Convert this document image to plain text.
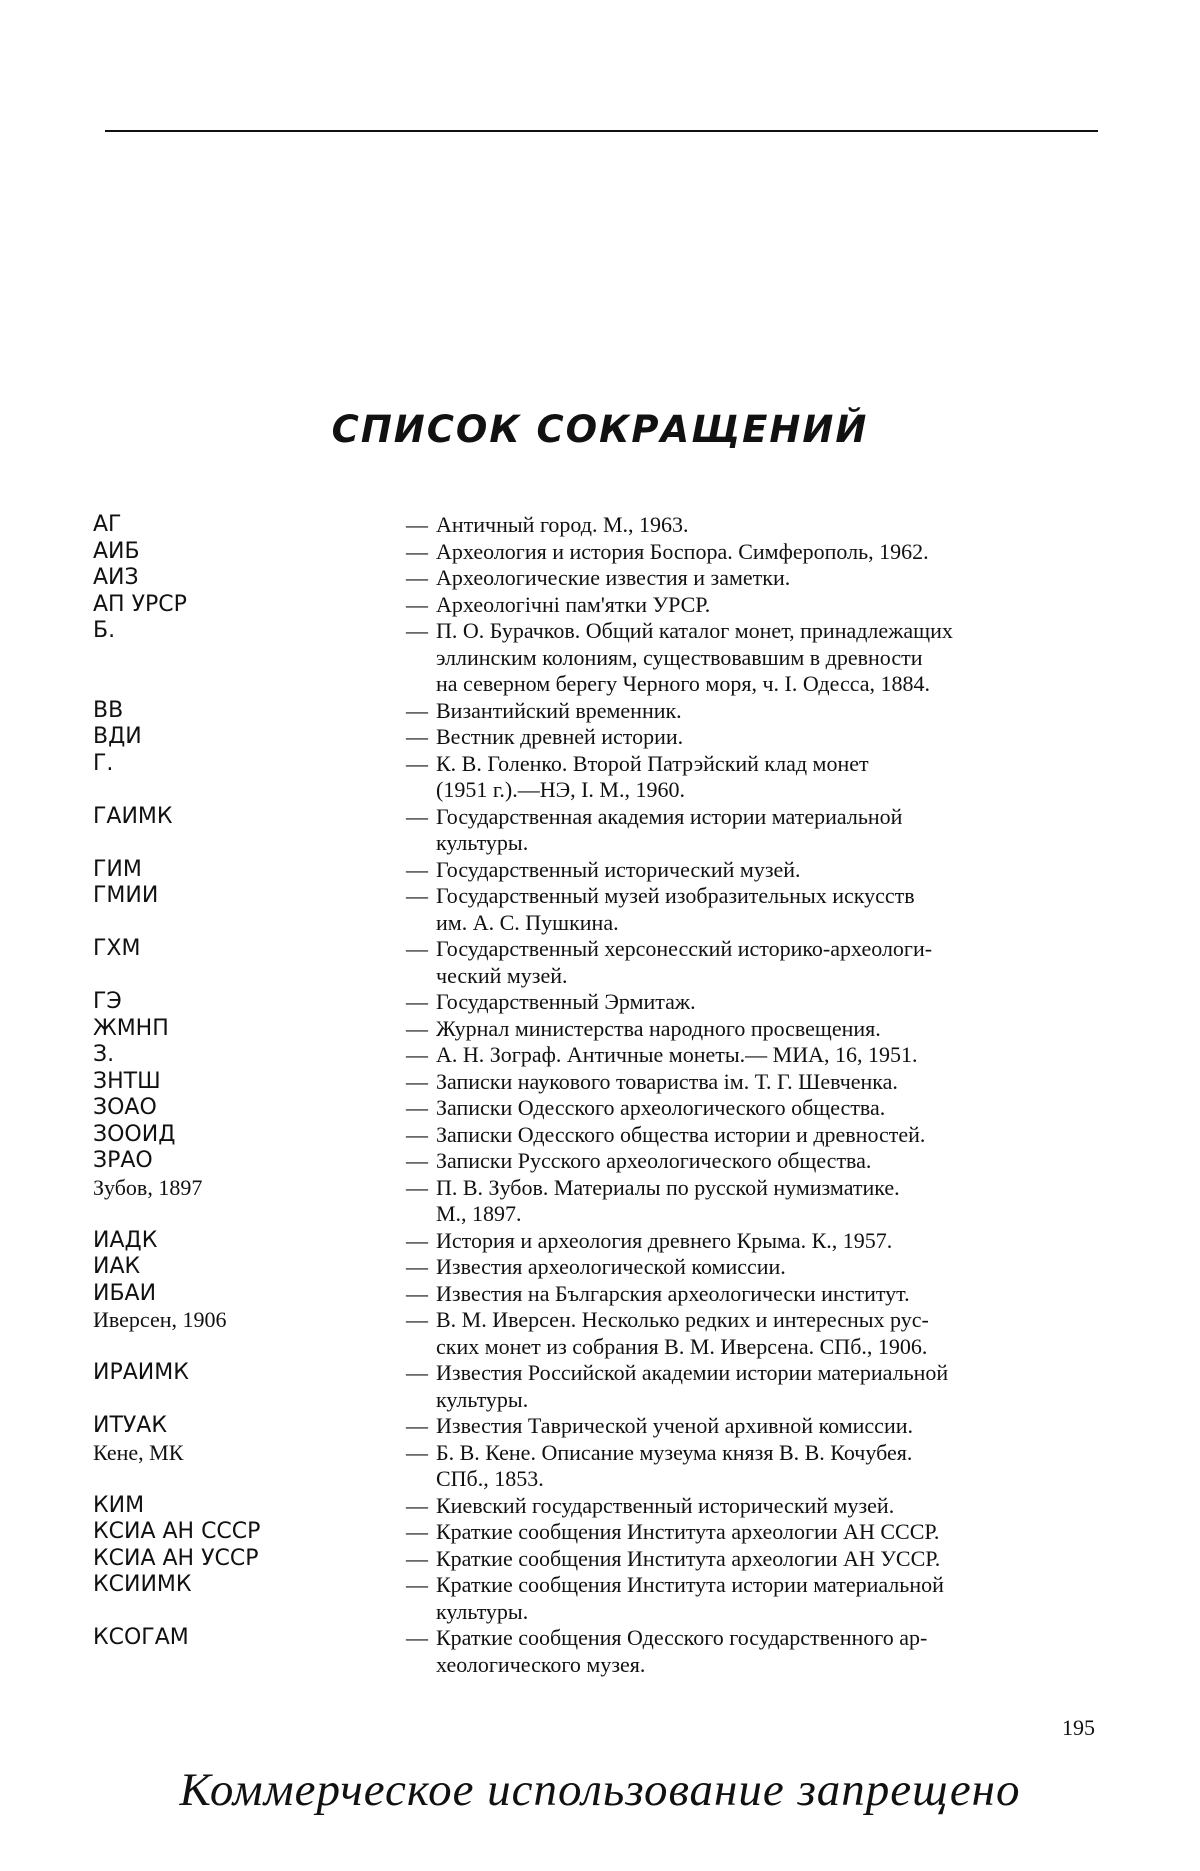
СПИСОК СОКРАЩЕНИЙ
АГ	— Античный город. М., 1963.
АИБ	— Археология и история Боспора. Симферополь, 1962.
АИЗ	— Археологические известия и заметки.
АП УРСР	— Археологiчнi пам'ятки УРСР.
Б.	— П. О. Бурачков. Общий каталог монет, принадлежащих
эллинским колониям, существовавшим в древности
на северном берегу Черного моря, ч. I. Одесса, 1884.
ВВ	— Византийский временник.
ВДИ	— Вестник древней истории.
Г.	— К. В. Голенко. Второй Патрэйский клад монет
(1951 г.).—НЭ, I. М., 1960.
ГАИМК	— Государственная академия истории материальной
культуры.
ГИМ	— Государственный исторический музей.
ГМИИ	— Государственный музей изобразительных искусств
им. А. С. Пушкина.
ГХМ	— Государственный херсонесский историко-археологи-
ческий музей.
ГЭ	— Государственный Эрмитаж.
ЖМНП	— Журнал министерства народного просвещения.
З.	— А. Н. Зограф. Античные монеты.— МИА, 16, 1951.
ЗНТШ	— Записки наукового товариства iм. Т. Г. Шевченка.
ЗОАО	— Записки Одесского археологического общества.
ЗООИД	— Записки Одесского общества истории и древностей.
ЗРАО	— Записки Русского археологического общества.
Зубов, 1897	— П. В. Зубов. Материалы по русской нумизматике.
М., 1897.
ИАДК	— История и археология древнего Крыма. К., 1957.
ИАК	— Известия археологической комиссии.
ИБАИ	— Известия на Българския археологически институт.
Иверсен, 1906	— В. М. Иверсен. Несколько редких и интересных рус-
ских монет из собрания В. М. Иверсена. СПб., 1906.
ИРАИМК	— Известия Российской академии истории материальной
культуры.
ИТУАК	— Известия Таврической ученой архивной комиссии.
Кене, МК	— Б. В. Кене. Описание музеума князя В. В. Кочубея.
СПб., 1853.
КИМ	— Киевский государственный исторический музей.
КСИА АН СССР	— Краткие сообщения Института археологии АН СССР.
КСИА АН УССР	— Краткие сообщения Института археологии АН УССР.
КСИИМК	— Краткие сообщения Института истории материальной
культуры.
КСОГАМ	— Краткие сообщения Одесского государственного ар-
хеологического музея.
195
Коммерческое использование запрещено
